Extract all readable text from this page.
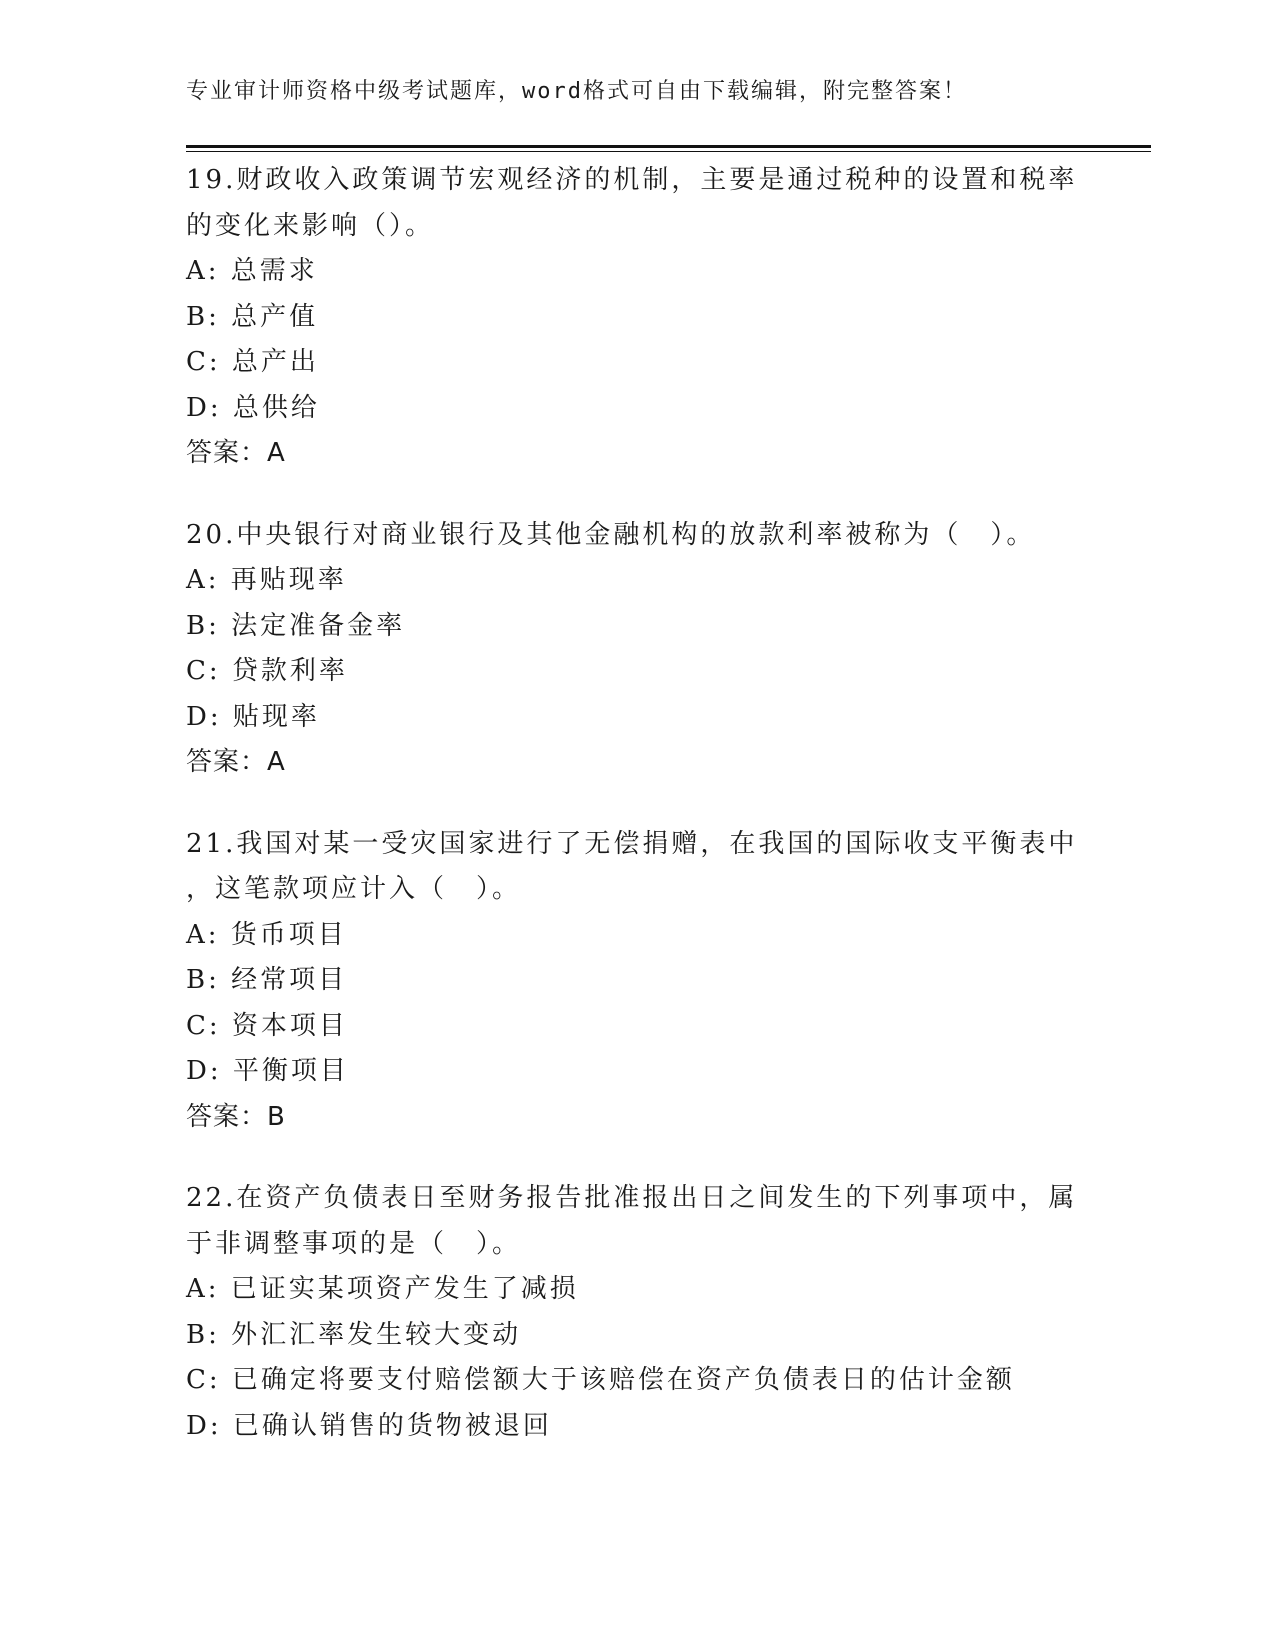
专业审计师资格中级考试题库，word格式可自由下载编辑，附完整答案！
19.财政收入政策调节宏观经济的机制，主要是通过税种的设置和税率
的变化来影响（）。
A: 总需求
B: 总产值
C: 总产出
D: 总供给
答案：A
20.中央银行对商业银行及其他金融机构的放款利率被称为（　）。
A: 再贴现率
B: 法定准备金率
C: 贷款利率
D: 贴现率
答案：A
21.我国对某一受灾国家进行了无偿捐赠，在我国的国际收支平衡表中
，这笔款项应计入（　）。
A: 货币项目
B: 经常项目
C: 资本项目
D: 平衡项目
答案：B
22.在资产负债表日至财务报告批准报出日之间发生的下列事项中，属
于非调整事项的是（　）。
A: 已证实某项资产发生了减损
B: 外汇汇率发生较大变动
C: 已确定将要支付赔偿额大于该赔偿在资产负债表日的估计金额
D: 已确认销售的货物被退回
